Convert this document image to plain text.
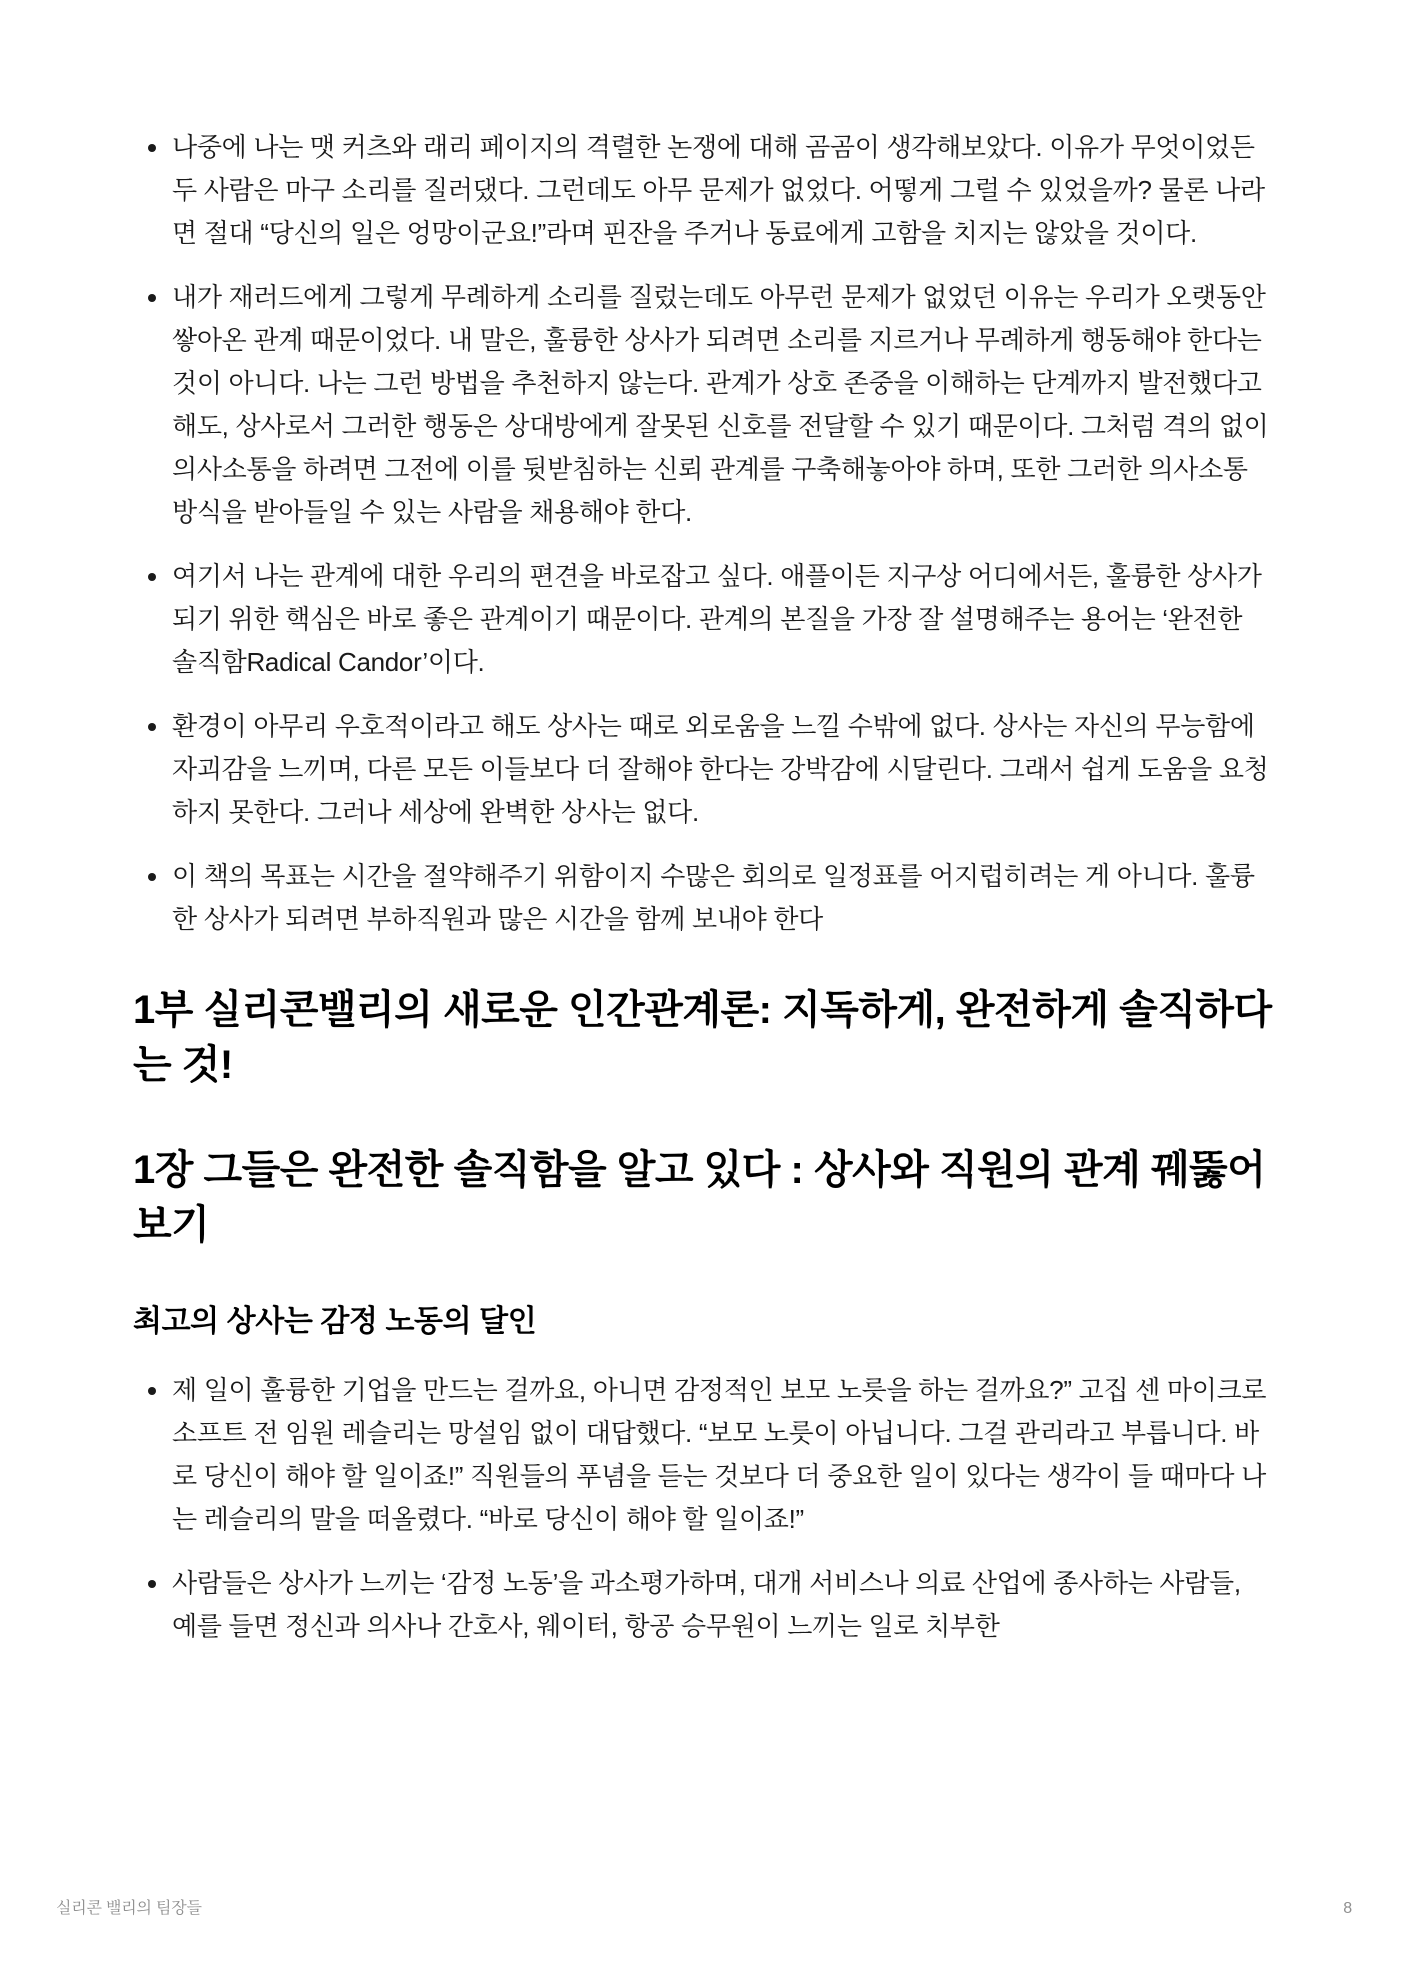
나중에 나는 맷 커츠와 래리 페이지의 격렬한 논쟁에 대해 곰곰이 생각해보았다. 이유가 무엇이었든 두 사람은 마구 소리를 질러댔다. 그런데도 아무 문제가 없었다. 어떻게 그럴 수 있었을까? 물론 나라면 절대 “당신의 일은 엉망이군요!”라며 핀잔을 주거나 동료에게 고함을 치지는 않았을 것이다.
내가 재러드에게 그렇게 무례하게 소리를 질렀는데도 아무런 문제가 없었던 이유는 우리가 오랫동안 쌓아온 관계 때문이었다. 내 말은, 훌륭한 상사가 되려면 소리를 지르거나 무례하게 행동해야 한다는 것이 아니다. 나는 그런 방법을 추천하지 않는다. 관계가 상호 존중을 이해하는 단계까지 발전했다고 해도, 상사로서 그러한 행동은 상대방에게 잘못된 신호를 전달할 수 있기 때문이다. 그처럼 격의 없이 의사소통을 하려면 그전에 이를 뒷받침하는 신뢰 관계를 구축해놓아야 하며, 또한 그러한 의사소통 방식을 받아들일 수 있는 사람을 채용해야 한다.
여기서 나는 관계에 대한 우리의 편견을 바로잡고 싶다. 애플이든 지구상 어디에서든, 훌륭한 상사가 되기 위한 핵심은 바로 좋은 관계이기 때문이다. 관계의 본질을 가장 잘 설명해주는 용어는 ‘완전한 솔직함Radical Candor’이다.
환경이 아무리 우호적이라고 해도 상사는 때로 외로움을 느낄 수밖에 없다. 상사는 자신의 무능함에 자괴감을 느끼며, 다른 모든 이들보다 더 잘해야 한다는 강박감에 시달린다. 그래서 쉽게 도움을 요청하지 못한다. 그러나 세상에 완벽한 상사는 없다.
이 책의 목표는 시간을 절약해주기 위함이지 수많은 회의로 일정표를 어지럽히려는 게 아니다. 훌륭한 상사가 되려면 부하직원과 많은 시간을 함께 보내야 한다
1부 실리콘밸리의 새로운 인간관계론: 지독하게, 완전하게 솔직하다는 것!
1장 그들은 완전한 솔직함을 알고 있다 : 상사와 직원의 관계 꿰뚫어보기
최고의 상사는 감정 노동의 달인
제 일이 훌륭한 기업을 만드는 걸까요, 아니면 감정적인 보모 노릇을 하는 걸까요?” 고집 센 마이크로소프트 전 임원 레슬리는 망설임 없이 대답했다. “보모 노릇이 아닙니다. 그걸 관리라고 부릅니다. 바로 당신이 해야 할 일이죠!” 직원들의 푸념을 듣는 것보다 더 중요한 일이 있다는 생각이 들 때마다 나는 레슬리의 말을 떠올렸다. “바로 당신이 해야 할 일이죠!”
사람들은 상사가 느끼는 ‘감정 노동’을 과소평가하며, 대개 서비스나 의료 산업에 종사하는 사람들, 예를 들면 정신과 의사나 간호사, 웨이터, 항공 승무원이 느끼는 일로 치부한
실리콘 밸리의 팀장들	8
